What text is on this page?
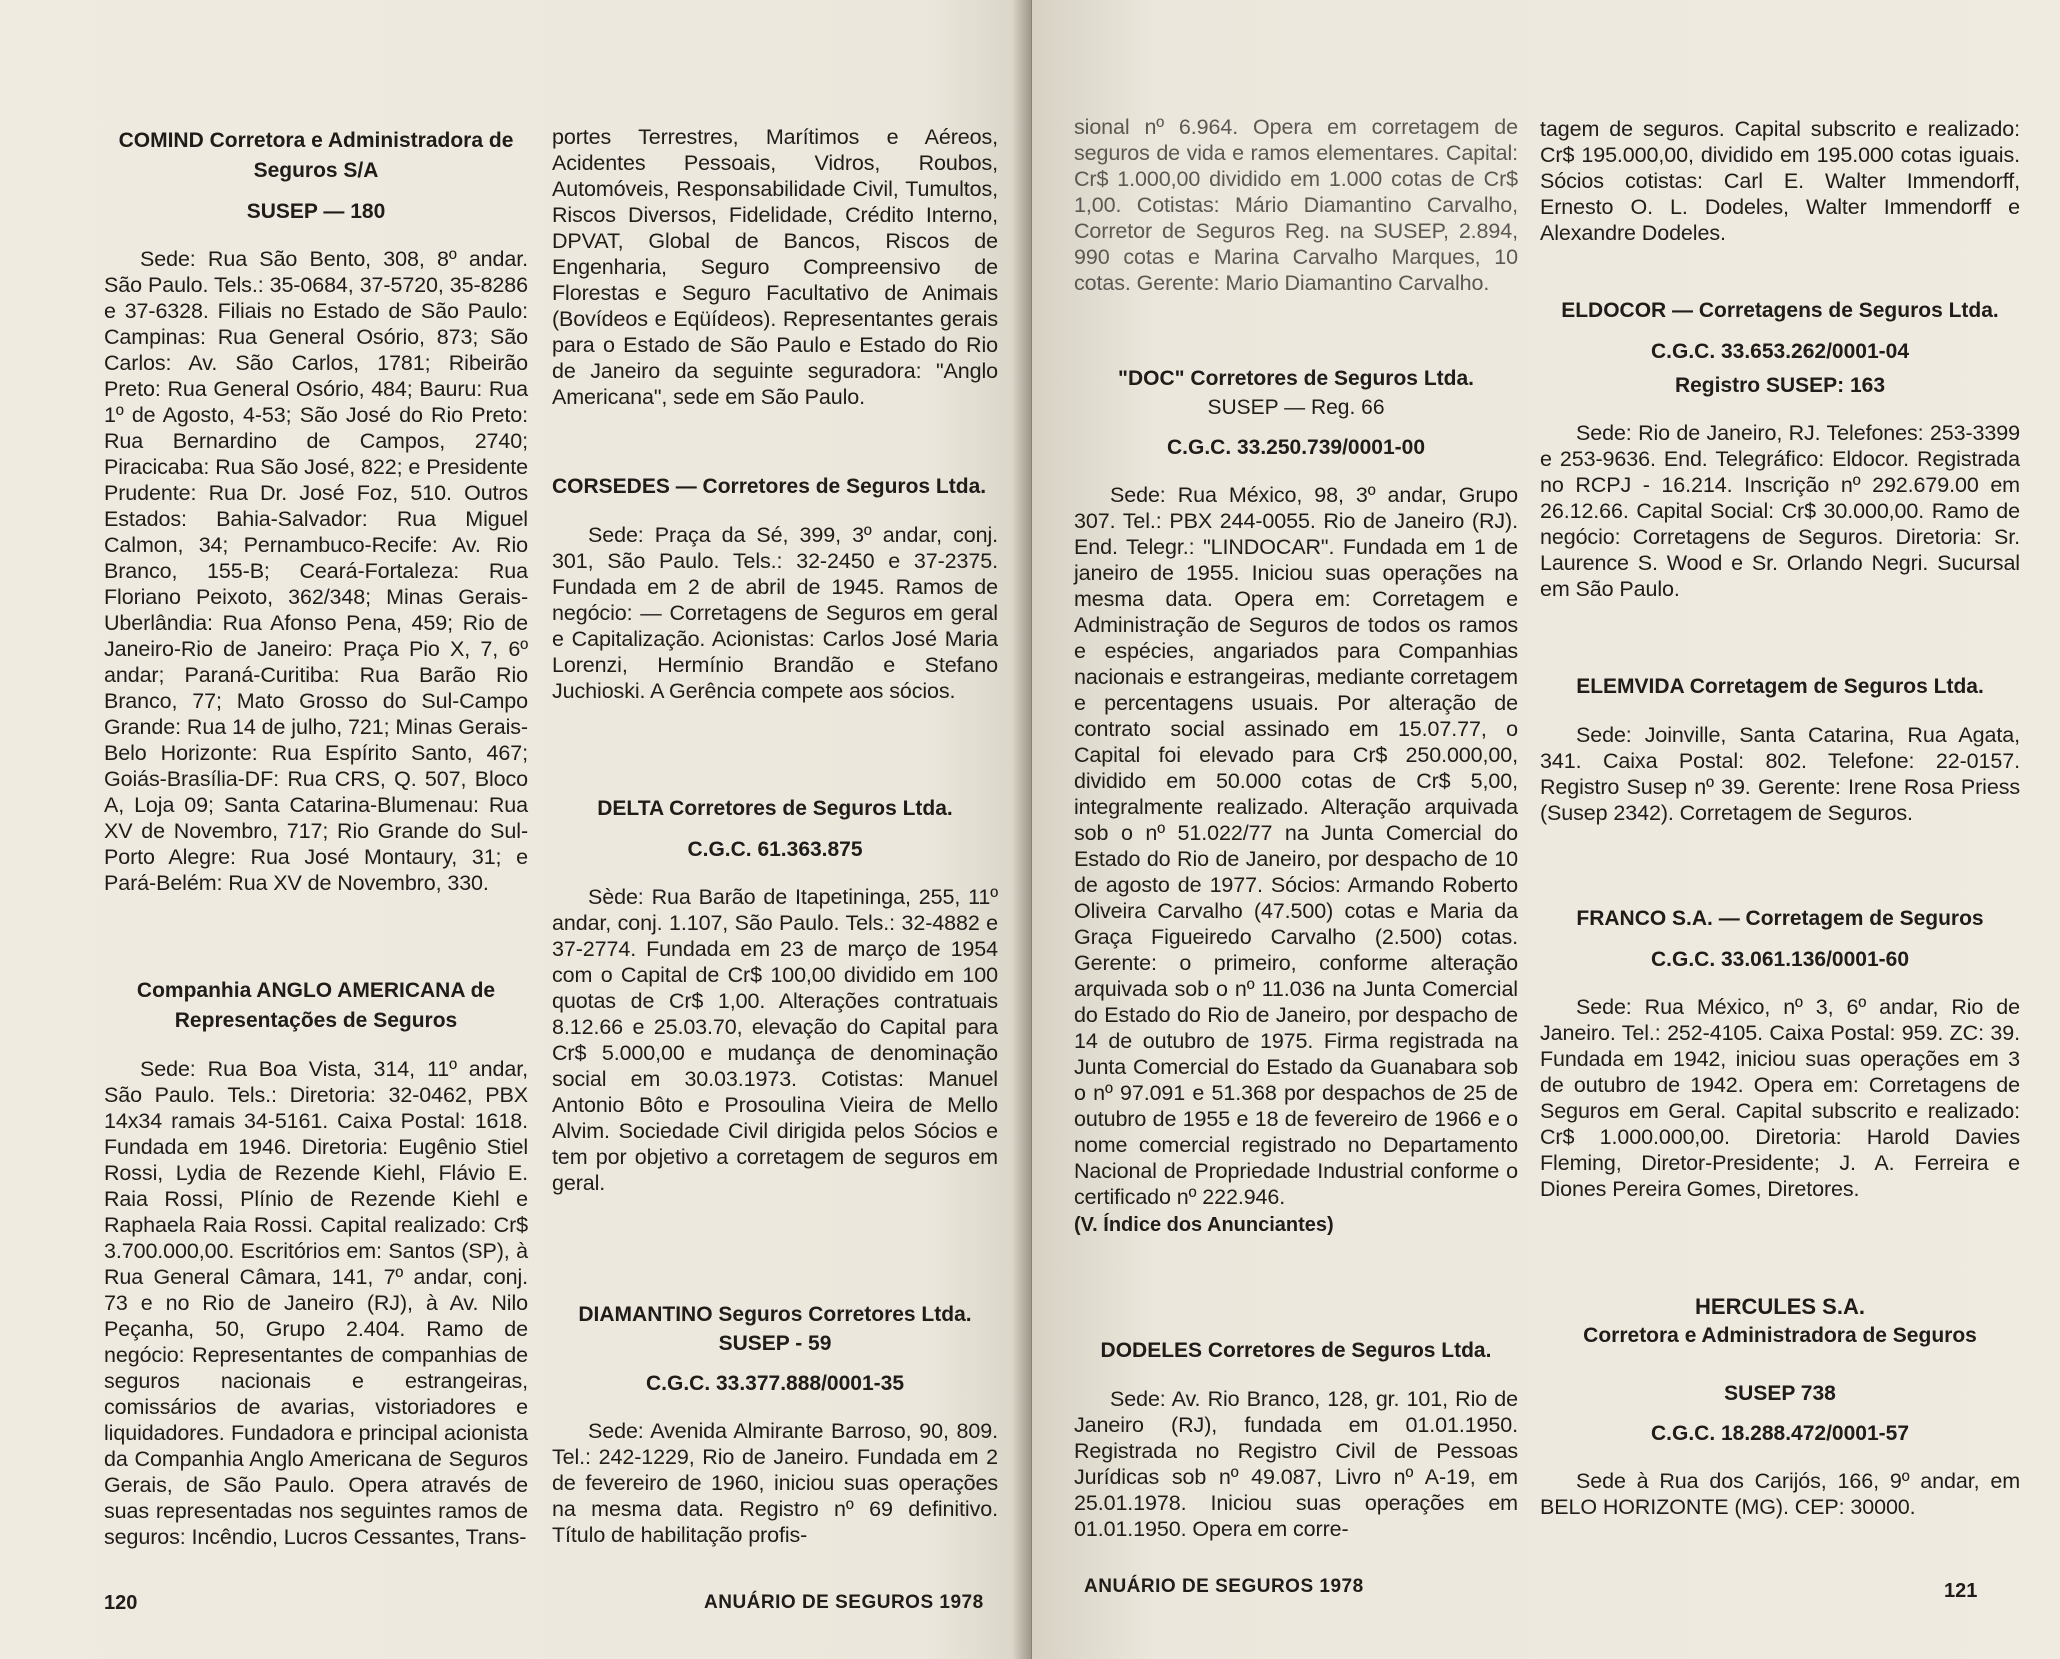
COMIND Corretora e Administradora de Seguros S/A

SUSEP — 180

Sede: Rua São Bento, 308, 8º andar. São Paulo. Tels.: 35-0684, 37-5720, 35-8286 e 37-6328. Filiais no Estado de São Paulo: Campinas: Rua General Osório, 873; São Carlos: Av. São Carlos, 1781; Ribeirão Preto: Rua General Osório, 484; Bauru: Rua 1º de Agosto, 4-53; São José do Rio Preto: Rua Bernardino de Campos, 2740; Piracicaba: Rua São José, 822; e Presidente Prudente: Rua Dr. José Foz, 510. Outros Estados: Bahia-Salvador: Rua Miguel Calmon, 34; Pernambuco-Recife: Av. Rio Branco, 155-B; Ceará-Fortaleza: Rua Floriano Peixoto, 362/348; Minas Gerais-Uberlândia: Rua Afonso Pena, 459; Rio de Janeiro-Rio de Janeiro: Praça Pio X, 7, 6º andar; Paraná-Curitiba: Rua Barão Rio Branco, 77; Mato Grosso do Sul-Campo Grande: Rua 14 de julho, 721; Minas Gerais-Belo Horizonte: Rua Espírito Santo, 467; Goiás-Brasília-DF: Rua CRS, Q. 507, Bloco A, Loja 09; Santa Catarina-Blumenau: Rua XV de Novembro, 717; Rio Grande do Sul-Porto Alegre: Rua José Montaury, 31; e Pará-Belém: Rua XV de Novembro, 330.

Companhia ANGLO AMERICANA de Representações de Seguros

Sede: Rua Boa Vista, 314, 11º andar, São Paulo. Tels.: Diretoria: 32-0462, PBX 14x34 ramais 34-5161. Caixa Postal: 1618. Fundada em 1946. Diretoria: Eugênio Stiel Rossi, Lydia de Rezende Kiehl, Flávio E. Raia Rossi, Plínio de Rezende Kiehl e Raphaela Raia Rossi. Capital realizado: Cr$ 3.700.000,00. Escritórios em: Santos (SP), à Rua General Câmara, 141, 7º andar, conj. 73 e no Rio de Janeiro (RJ), à Av. Nilo Peçanha, 50, Grupo 2.404. Ramo de negócio: Representantes de companhias de seguros nacionais e estrangeiras, comissários de avarias, vistoriadores e liquidadores. Fundadora e principal acionista da Companhia Anglo Americana de Seguros Gerais, de São Paulo. Opera através de suas representadas nos seguintes ramos de seguros: Incêndio, Lucros Cessantes, Trans-

portes Terrestres, Marítimos e Aéreos, Acidentes Pessoais, Vidros, Roubos, Automóveis, Responsabilidade Civil, Tumultos, Riscos Diversos, Fidelidade, Crédito Interno, DPVAT, Global de Bancos, Riscos de Engenharia, Seguro Compreensivo de Florestas e Seguro Facultativo de Animais (Bovídeos e Eqüídeos). Representantes gerais para o Estado de São Paulo e Estado do Rio de Janeiro da seguinte seguradora: "Anglo Americana", sede em São Paulo.

CORSEDES — Corretores de Seguros Ltda.

Sede: Praça da Sé, 399, 3º andar, conj. 301, São Paulo. Tels.: 32-2450 e 37-2375. Fundada em 2 de abril de 1945. Ramos de negócio: — Corretagens de Seguros em geral e Capitalização. Acionistas: Carlos José Maria Lorenzi, Hermínio Brandão e Stefano Juchioski. A Gerência compete aos sócios.

DELTA Corretores de Seguros Ltda.

C.G.C. 61.363.875

Sède: Rua Barão de Itapetininga, 255, 11º andar, conj. 1.107, São Paulo. Tels.: 32-4882 e 37-2774. Fundada em 23 de março de 1954 com o Capital de Cr$ 100,00 dividido em 100 quotas de Cr$ 1,00. Alterações contratuais 8.12.66 e 25.03.70, elevação do Capital para Cr$ 5.000,00 e mudança de denominação social em 30.03.1973. Cotistas: Manuel Antonio Bôto e Prosoulina Vieira de Mello Alvim. Sociedade Civil dirigida pelos Sócios e tem por objetivo a corretagem de seguros em geral.

DIAMANTINO Seguros Corretores Ltda.

SUSEP - 59

C.G.C. 33.377.888/0001-35

Sede: Avenida Almirante Barroso, 90, 809. Tel.: 242-1229, Rio de Janeiro. Fundada em 2 de fevereiro de 1960, iniciou suas operações na mesma data. Registro nº 69 definitivo. Título de habilitação profis-

120	ANUÁRIO DE SEGUROS 1978

sional nº 6.964. Opera em corretagem de seguros de vida e ramos elementares. Capital: Cr$ 1.000,00 dividido em 1.000 cotas de Cr$ 1,00. Cotistas: Mário Diamantino Carvalho, Corretor de Seguros Reg. na SUSEP, 2.894, 990 cotas e Marina Carvalho Marques, 10 cotas. Gerente: Mario Diamantino Carvalho.

"DOC" Corretores de Seguros Ltda.

SUSEP — Reg. 66

C.G.C. 33.250.739/0001-00

Sede: Rua México, 98, 3º andar, Grupo 307. Tel.: PBX 244-0055. Rio de Janeiro (RJ). End. Telegr.: "LINDOCAR". Fundada em 1 de janeiro de 1955. Iniciou suas operações na mesma data. Opera em: Corretagem e Administração de Seguros de todos os ramos e espécies, angariados para Companhias nacionais e estrangeiras, mediante corretagem e percentagens usuais. Por alteração de contrato social assinado em 15.07.77, o Capital foi elevado para Cr$ 250.000,00, dividido em 50.000 cotas de Cr$ 5,00, integralmente realizado. Alteração arquivada sob o nº 51.022/77 na Junta Comercial do Estado do Rio de Janeiro, por despacho de 10 de agosto de 1977. Sócios: Armando Roberto Oliveira Carvalho (47.500) cotas e Maria da Graça Figueiredo Carvalho (2.500) cotas. Gerente: o primeiro, conforme alteração arquivada sob o nº 11.036 na Junta Comercial do Estado do Rio de Janeiro, por despacho de 14 de outubro de 1975. Firma registrada na Junta Comercial do Estado da Guanabara sob o nº 97.091 e 51.368 por despachos de 25 de outubro de 1955 e 18 de fevereiro de 1966 e o nome comercial registrado no Departamento Nacional de Propriedade Industrial conforme o certificado nº 222.946.

(V. Índice dos Anunciantes)

DODELES Corretores de Seguros Ltda.

Sede: Av. Rio Branco, 128, gr. 101, Rio de Janeiro (RJ), fundada em 01.01.1950. Registrada no Registro Civil de Pessoas Jurídicas sob nº 49.087, Livro nº A-19, em 25.01.1978. Iniciou suas operações em 01.01.1950. Opera em corre-

tagem de seguros. Capital subscrito e realizado: Cr$ 195.000,00, dividido em 195.000 cotas iguais. Sócios cotistas: Carl E. Walter Immendorff, Ernesto O. L. Dodeles, Walter Immendorff e Alexandre Dodeles.

ELDOCOR — Corretagens de Seguros Ltda.

C.G.C. 33.653.262/0001-04

Registro SUSEP: 163

Sede: Rio de Janeiro, RJ. Telefones: 253-3399 e 253-9636. End. Telegráfico: Eldocor. Registrada no RCPJ - 16.214. Inscrição nº 292.679.00 em 26.12.66. Capital Social: Cr$ 30.000,00. Ramo de negócio: Corretagens de Seguros. Diretoria: Sr. Laurence S. Wood e Sr. Orlando Negri. Sucursal em São Paulo.

ELEMVIDA Corretagem de Seguros Ltda.

Sede: Joinville, Santa Catarina, Rua Agata, 341. Caixa Postal: 802. Telefone: 22-0157. Registro Susep nº 39. Gerente: Irene Rosa Priess (Susep 2342). Corretagem de Seguros.

FRANCO S.A. — Corretagem de Seguros

C.G.C. 33.061.136/0001-60

Sede: Rua México, nº 3, 6º andar, Rio de Janeiro. Tel.: 252-4105. Caixa Postal: 959. ZC: 39. Fundada em 1942, iniciou suas operações em 3 de outubro de 1942. Opera em: Corretagens de Seguros em Geral. Capital subscrito e realizado: Cr$ 1.000.000,00. Diretoria: Harold Davies Fleming, Diretor-Presidente; J. A. Ferreira e Diones Pereira Gomes, Diretores.

HERCULES S.A.

Corretora e Administradora de Seguros

SUSEP 738

C.G.C. 18.288.472/0001-57

Sede à Rua dos Carijós, 166, 9º andar, em BELO HORIZONTE (MG). CEP: 30000.

ANUÁRIO DE SEGUROS 1978	121
